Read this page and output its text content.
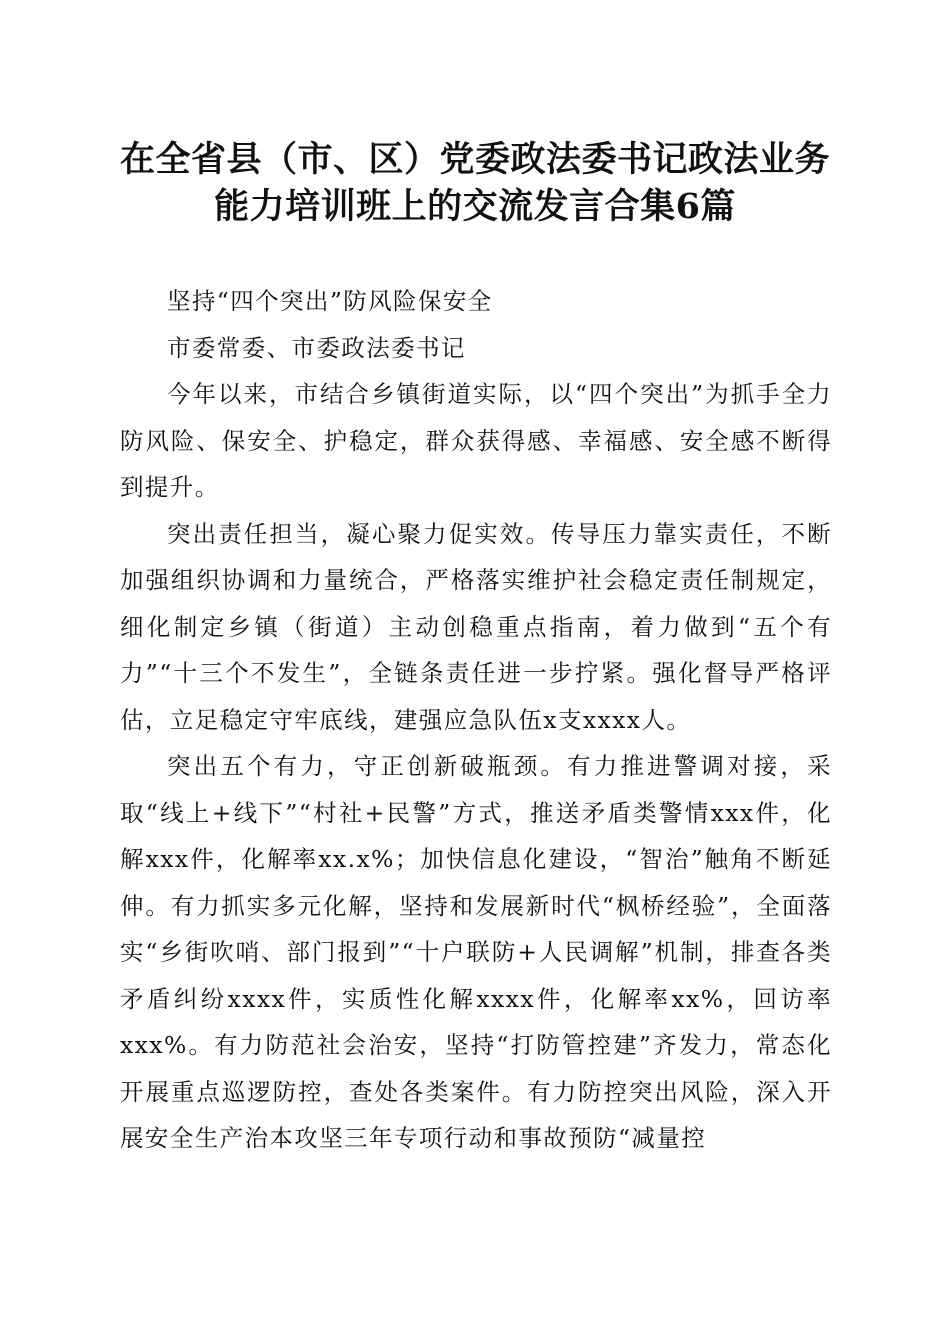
在全省县（市、区）党委政法委书记政法业务
能力培训班上的交流发言合集6篇

坚持“四个突出”防风险保安全

市委常委、市委政法委书记

今年以来，市结合乡镇街道实际，以“四个突出”为抓手全力防风险、保安全、护稳定，群众获得感、幸福感、安全感不断得到提升。

突出责任担当，凝心聚力促实效。传导压力靠实责任，不断加强组织协调和力量统合，严格落实维护社会稳定责任制规定，细化制定乡镇（街道）主动创稳重点指南，着力做到“五个有力”“十三个不发生”，全链条责任进一步拧紧。强化督导严格评估，立足稳定守牢底线，建强应急队伍x支xxxx人。

突出五个有力，守正创新破瓶颈。有力推进警调对接，采取“线上+线下”“村社+民警”方式，推送矛盾类警情xxx件，化解xxx件，化解率xx.x%；加快信息化建设，“智治”触角不断延伸。有力抓实多元化解，坚持和发展新时代“枫桥经验”，全面落实“乡街吹哨、部门报到”“十户联防+人民调解”机制，排查各类矛盾纠纷xxxx件，实质性化解xxxx件，化解率xx%，回访率xxx%。有力防范社会治安，坚持“打防管控建”齐发力，常态化开展重点巡逻防控，查处各类案件。有力防控突出风险，深入开展安全生产治本攻坚三年专项行动和事故预防“减量控
